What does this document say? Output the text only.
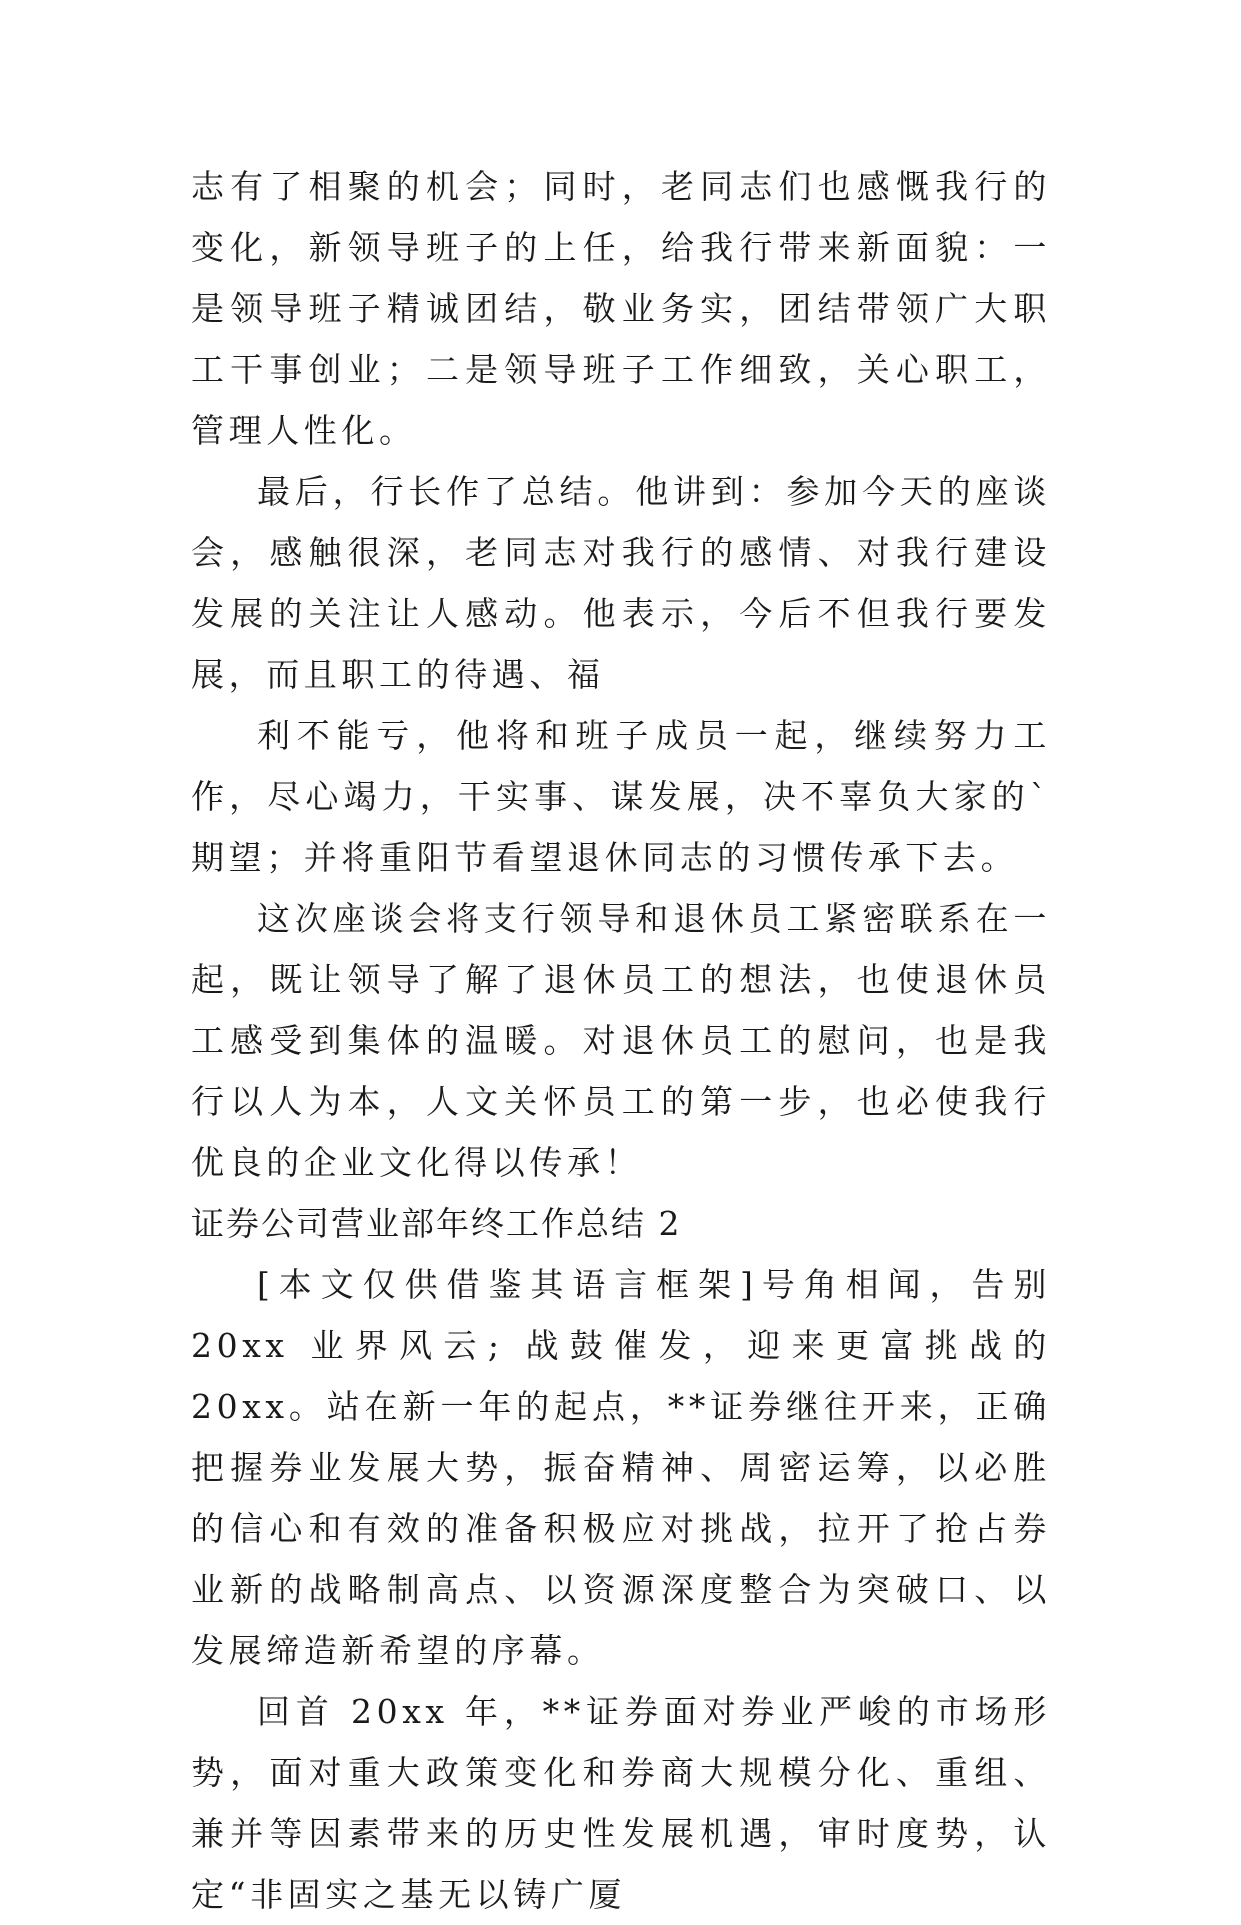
志有了相聚的机会；同时，老同志们也感慨我行的变化，新领导班子的上任，给我行带来新面貌：一是领导班子精诚团结，敬业务实，团结带领广大职工干事创业；二是领导班子工作细致，关心职工，管理人性化。

最后，行长作了总结。他讲到：参加今天的座谈会，感触很深，老同志对我行的感情、对我行建设发展的关注让人感动。他表示，今后不但我行要发展，而且职工的待遇、福

利不能亏，他将和班子成员一起，继续努力工作，尽心竭力，干实事、谋发展，决不辜负大家的`期望；并将重阳节看望退休同志的习惯传承下去。

这次座谈会将支行领导和退休员工紧密联系在一起，既让领导了解了退休员工的想法，也使退休员工感受到集体的温暖。对退休员工的慰问，也是我行以人为本，人文关怀员工的第一步，也必使我行优良的企业文化得以传承！

证券公司营业部年终工作总结 2

[本文仅供借鉴其语言框架]号角相闻，告别 20xx 业界风云; 战鼓催发，迎来更富挑战的 20xx。站在新一年的起点，**证券继往开来，正确把握券业发展大势，振奋精神、周密运筹，以必胜的信心和有效的准备积极应对挑战，拉开了抢占券业新的战略制高点、以资源深度整合为突破口、以发展缔造新希望的序幕。

回首 20xx 年，**证券面对券业严峻的市场形势，面对重大政策变化和券商大规模分化、重组、兼并等因素带来的历史性发展机遇，审时度势，认定“非固实之基无以铸广厦
